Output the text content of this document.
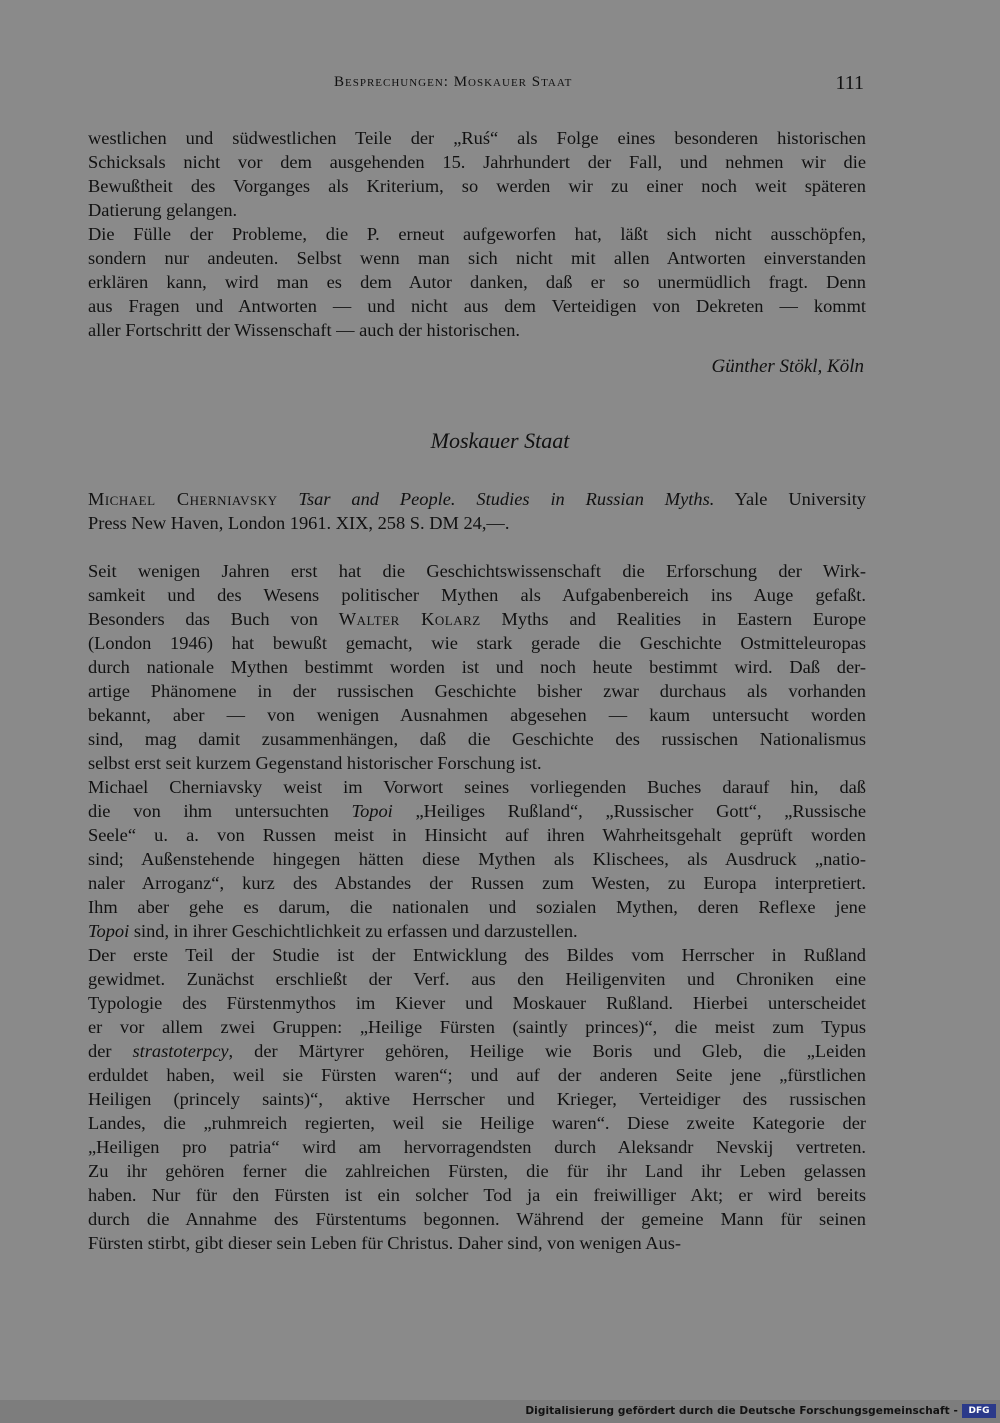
Besprechungen: Moskauer Staat	111
westlichen und südwestlichen Teile der „Ruś“ als Folge eines besonderen historischen
Schicksals nicht vor dem ausgehenden 15. Jahrhundert der Fall, und nehmen wir die
Bewußtheit des Vorganges als Kriterium, so werden wir zu einer noch weit späteren
Datierung gelangen.
Die Fülle der Probleme, die P. erneut aufgeworfen hat, läßt sich nicht ausschöpfen,
sondern nur andeuten. Selbst wenn man sich nicht mit allen Antworten einverstanden
erklären kann, wird man es dem Autor danken, daß er so unermüdlich fragt. Denn
aus Fragen und Antworten — und nicht aus dem Verteidigen von Dekreten — kommt
aller Fortschritt der Wissenschaft — auch der historischen.
Günther Stökl, Köln
Moskauer Staat
Michael Cherniavsky Tsar and People. Studies in Russian Myths. Yale University
Press New Haven, London 1961. XIX, 258 S. DM 24,—.
Seit wenigen Jahren erst hat die Geschichtswissenschaft die Erforschung der Wirk-
samkeit und des Wesens politischer Mythen als Aufgabenbereich ins Auge gefaßt.
Besonders das Buch von Walter Kolarz Myths and Realities in Eastern Europe
(London 1946) hat bewußt gemacht, wie stark gerade die Geschichte Ostmitteleuropas
durch nationale Mythen bestimmt worden ist und noch heute bestimmt wird. Daß der-
artige Phänomene in der russischen Geschichte bisher zwar durchaus als vorhanden
bekannt, aber — von wenigen Ausnahmen abgesehen — kaum untersucht worden
sind, mag damit zusammenhängen, daß die Geschichte des russischen Nationalismus
selbst erst seit kurzem Gegenstand historischer Forschung ist.
Michael Cherniavsky weist im Vorwort seines vorliegenden Buches darauf hin, daß
die von ihm untersuchten Topoi „Heiliges Rußland“, „Russischer Gott“, „Russische
Seele“ u. a. von Russen meist in Hinsicht auf ihren Wahrheitsgehalt geprüft worden
sind; Außenstehende hingegen hätten diese Mythen als Klischees, als Ausdruck „natio-
naler Arroganz“, kurz des Abstandes der Russen zum Westen, zu Europa interpretiert.
Ihm aber gehe es darum, die nationalen und sozialen Mythen, deren Reflexe jene
Topoi sind, in ihrer Geschichtlichkeit zu erfassen und darzustellen.
Der erste Teil der Studie ist der Entwicklung des Bildes vom Herrscher in Rußland
gewidmet. Zunächst erschließt der Verf. aus den Heiligenviten und Chroniken eine
Typologie des Fürstenmythos im Kiever und Moskauer Rußland. Hierbei unterscheidet
er vor allem zwei Gruppen: „Heilige Fürsten (saintly princes)“, die meist zum Typus
der strastoterpcy, der Märtyrer gehören, Heilige wie Boris und Gleb, die „Leiden
erduldet haben, weil sie Fürsten waren“; und auf der anderen Seite jene „fürstlichen
Heiligen (princely saints)“, aktive Herrscher und Krieger, Verteidiger des russischen
Landes, die „ruhmreich regierten, weil sie Heilige waren“. Diese zweite Kategorie der
„Heiligen pro patria“ wird am hervorragendsten durch Aleksandr Nevskij vertreten.
Zu ihr gehören ferner die zahlreichen Fürsten, die für ihr Land ihr Leben gelassen
haben. Nur für den Fürsten ist ein solcher Tod ja ein freiwilliger Akt; er wird bereits
durch die Annahme des Fürstentums begonnen. Während der gemeine Mann für seinen
Fürsten stirbt, gibt dieser sein Leben für Christus. Daher sind, von wenigen Aus-
Digitalisierung gefördert durch die Deutsche Forschungsgemeinschaft -	DFG
